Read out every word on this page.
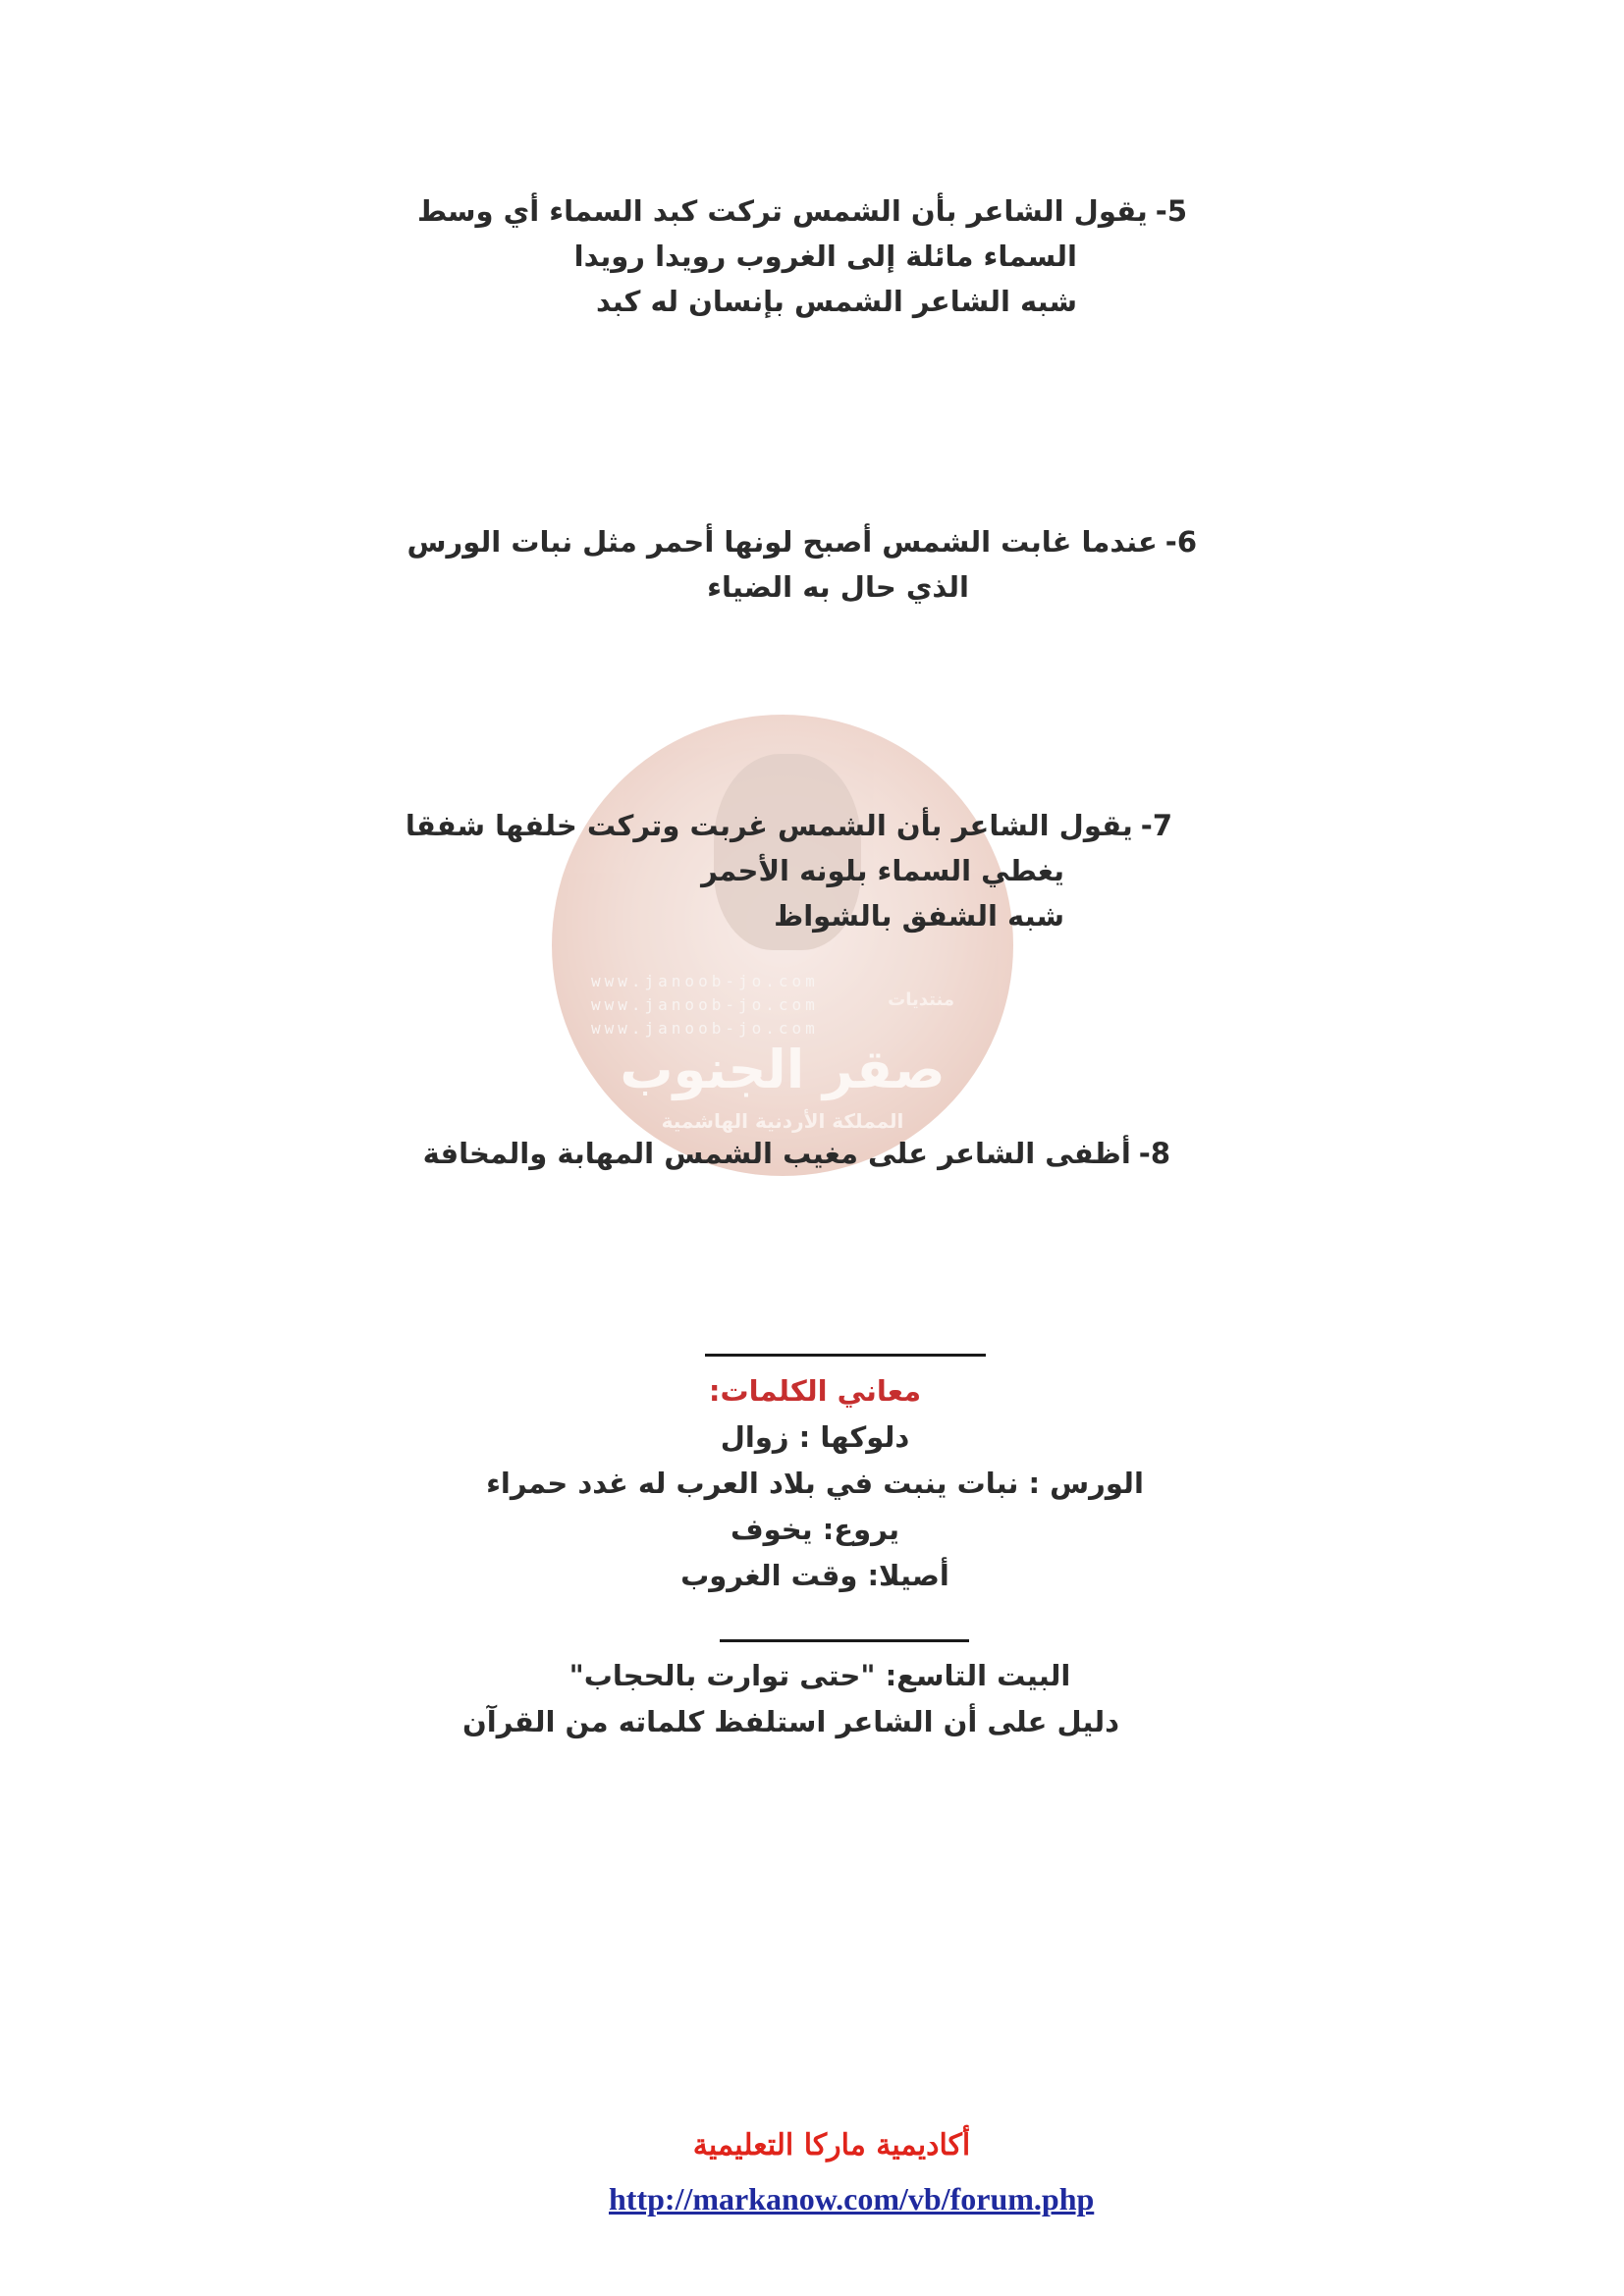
منتديات
www.janoob-jo.com
www.janoob-jo.com
www.janoob-jo.com
صقر الجنوب
المملكة الأردنية الهاشمية
5-يقول الشاعر بأن الشمس تركت كبد السماء أي وسط
السماء مائلة إلى الغروب رويدا رويدا
شبه الشاعر الشمس بإنسان له كبد
6-عندما غابت الشمس أصبح لونها أحمر مثل نبات الورس
الذي حال به الضياء
7-يقول الشاعر بأن الشمس غربت وتركت خلفها شفقا
يغطي السماء بلونه الأحمر
شبه الشفق بالشواظ
8-أظفى الشاعر على مغيب الشمس المهابة والمخافة
معاني الكلمات:
دلوكها : زوال
الورس : نبات ينبت في بلاد العرب له غدد حمراء
يروع: يخوف
أصيلا: وقت الغروب
البيت التاسع: "حتى توارت بالحجاب"
دليل على أن الشاعر استلفظ كلماته من القرآن
أكاديمية ماركا التعليمية
http://markanow.com/vb/forum.php
